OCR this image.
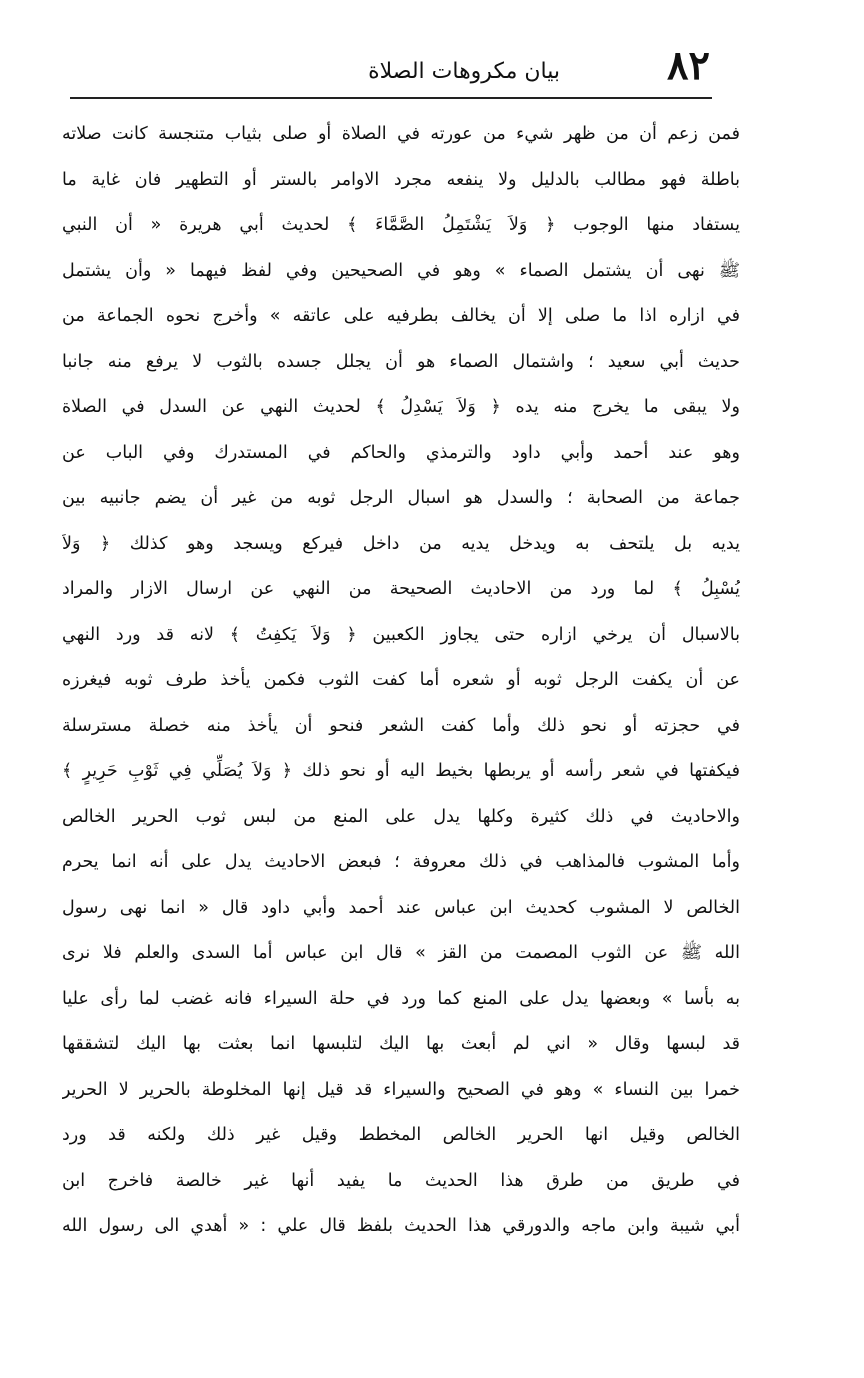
٨٢
بيان مكروهات الصلاة
فمن زعم أن من ظهر شيء من عورته في الصلاة أو صلى بثياب متنجسة كانت صلاته
باطلة فهو مطالب بالدليل ولا ينفعه مجرد الاوامر بالستر أو التطهير فان غاية ما
يستفاد منها الوجوب ﴿ وَلاَ يَشْتَمِلُ الصَّمَّاءَ ﴾ لحديث أبي هريرة « أن النبي
ﷺ نهى أن يشتمل الصماء » وهو في الصحيحين وفي لفظ فيهما « وأن يشتمل
في ازاره اذا ما صلى إلا أن يخالف بطرفيه على عاتقه » وأخرج نحوه الجماعة من
حديث أبي سعيد ؛ واشتمال الصماء هو أن يجلل جسده بالثوب لا يرفع منه جانبا
ولا يبقى ما يخرج منه يده ﴿ وَلاَ يَسْدِلُ ﴾ لحديث النهي عن السدل في الصلاة
وهو عند أحمد وأبي داود والترمذي والحاكم في المستدرك وفي الباب عن
جماعة من الصحابة ؛ والسدل هو اسبال الرجل ثوبه من غير أن يضم جانبيه بين
يديه بل يلتحف به ويدخل يديه من داخل فيركع ويسجد وهو كذلك ﴿ وَلاَ
يُسْبِلُ ﴾ لما ورد من الاحاديث الصحيحة من النهي عن ارسال الازار والمراد
بالاسبال أن يرخي ازاره حتى يجاوز الكعبين ﴿ وَلاَ يَكفِتُ ﴾ لانه قد ورد النهي
عن أن يكفت الرجل ثوبه أو شعره أما كفت الثوب فكمن يأخذ طرف ثوبه فيغرزه
في حجزته أو نحو ذلك وأما كفت الشعر فنحو أن يأخذ منه خصلة مسترسلة
فيكفتها في شعر رأسه أو يربطها بخيط اليه أو نحو ذلك ﴿ وَلاَ يُصَلِّي فِي ثَوْبِ حَرِيرٍ ﴾
والاحاديث في ذلك كثيرة وكلها يدل على المنع من لبس ثوب الحرير الخالص
وأما المشوب فالمذاهب في ذلك معروفة ؛ فبعض الاحاديث يدل على أنه انما يحرم
الخالص لا المشوب كحديث ابن عباس عند أحمد وأبي داود قال « انما نهى رسول
الله ﷺ عن الثوب المصمت من القز » قال ابن عباس أما السدى والعلم فلا نرى
به بأسا » وبعضها يدل على المنع كما ورد في حلة السيراء فانه غضب لما رأى عليا
قد لبسها وقال « اني لم أبعث بها اليك لتلبسها انما بعثت بها اليك لتشققها
خمرا بين النساء » وهو في الصحيح والسيراء قد قيل إنها المخلوطة بالحرير لا الحرير
الخالص وقيل انها الحرير الخالص المخطط وقيل غير ذلك ولكنه قد ورد
في طريق من طرق هذا الحديث ما يفيد أنها غير خالصة فاخرج ابن
أبي شيبة وابن ماجه والدورقي هذا الحديث بلفظ قال علي : « أهدي الى رسول الله
